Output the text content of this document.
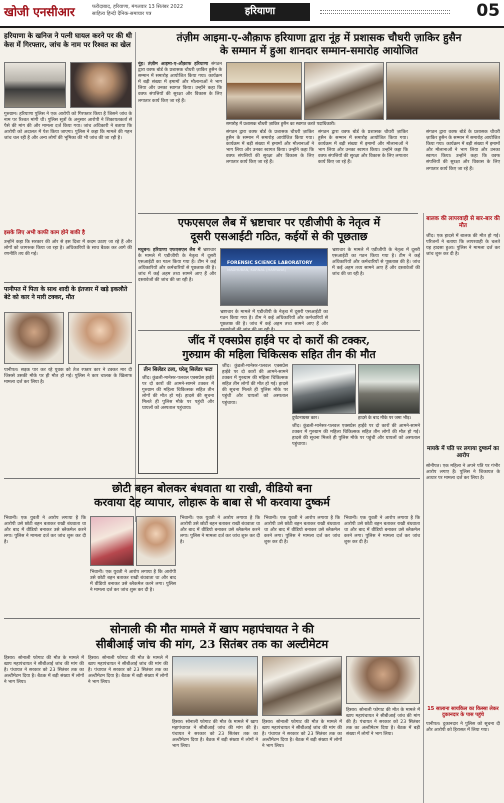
खोजी एनसीआर	फरीदाबाद, हरियाणा, मंगलवार 13 सितंबर 2022
साहित्य हिन्दी दैनिक-समाचार पत्र	हरियाणा	05
हरियाणा के खनिज ने पत्नी घायल करने पर की थी केस में गिरफ्तार, जांच के नाम पर रिश्वत का खेल
गुरुग्राम। हरियाणा पुलिस ने एक आरोपी को गिरफ्तार किया है जिसने जांच के नाम पर रिश्वत मांगी थी। पुलिस सूत्रों के अनुसार आरोपी ने शिकायतकर्ता से पैसे की मांग की और मामला दर्ज किया गया। जांच अधिकारी ने बताया कि आरोपी को अदालत में पेश किया जाएगा। पुलिस ने कहा कि मामले की गहन जांच चल रही है और अन्य लोगों की भूमिका की भी जांच की जा रही है।
इसके लिए अभी काफी काम होने बाकी है
उन्होंने कहा कि सरकार की ओर से इस दिशा में कदम उठाए जा रहे हैं और लोगों को जागरूक किया जा रहा है। अधिकारियों के साथ बैठक कर आगे की रणनीति तय की गई।
तंज़ीम आइमा-ए-औक़ाफ हरियाणा द्वारा नूंह में प्रशासक चौधरी ज़ाकिर हुसैन
के सम्मान में हुआ शानदार सम्मान-समारोह आयोजित
नूंह। तंज़ीम आइमा-ए-औक़ाफ हरियाणा संगठन द्वारा वक्फ बोर्ड के प्रशासक चौधरी ज़ाकिर हुसैन के सम्मान में समारोह आयोजित किया गया। कार्यक्रम में बड़ी संख्या में इमामों और मौलानाओं ने भाग लिया और उनका स्वागत किया। उन्होंने कहा कि वक्फ संपत्तियों की सुरक्षा और विकास के लिए लगातार कार्य किए जा रहे हैं।
समारोह में प्रशासक चौधरी ज़ाकिर हुसैन का स्वागत करते पदाधिकारी।
संगठन द्वारा वक्फ बोर्ड के प्रशासक चौधरी ज़ाकिर हुसैन के सम्मान में समारोह आयोजित किया गया। कार्यक्रम में बड़ी संख्या में इमामों और मौलानाओं ने भाग लिया और उनका स्वागत किया। उन्होंने कहा कि वक्फ संपत्तियों की सुरक्षा और विकास के लिए लगातार कार्य किए जा रहे हैं।
संगठन द्वारा वक्फ बोर्ड के प्रशासक चौधरी ज़ाकिर हुसैन के सम्मान में समारोह आयोजित किया गया। कार्यक्रम में बड़ी संख्या में इमामों और मौलानाओं ने भाग लिया और उनका स्वागत किया। उन्होंने कहा कि वक्फ संपत्तियों की सुरक्षा और विकास के लिए लगातार कार्य किए जा रहे हैं।
एफएसएल लैब में भ्रष्टाचार पर एडीजीपी के नेतृत्व में
दूसरी एसआईटी गठित, कईयों से की पूछताछ
मधुबन। हरियाणा एफएसएल लैब में भ्रष्टाचार के मामले में एडीजीपी के नेतृत्व में दूसरी एसआईटी का गठन किया गया है। टीम ने कई अधिकारियों और कर्मचारियों से पूछताछ की है। जांच में कई अहम तथ्य सामने आए हैं और दस्तावेजों की जांच की जा रही है।
FORENSIC SCIENCE LABORATORY
MADHUBAN, KARNAL (HARYANA)
भ्रष्टाचार के मामले में एडीजीपी के नेतृत्व में दूसरी एसआईटी का गठन किया गया है। टीम ने कई अधिकारियों और कर्मचारियों से पूछताछ की है। जांच में कई अहम तथ्य सामने आए हैं और दस्तावेजों की जांच की जा रही है।
भ्रष्टाचार के मामले में एडीजीपी के नेतृत्व में दूसरी एसआईटी का गठन किया गया है। टीम ने कई अधिकारियों और कर्मचारियों से पूछताछ की है। जांच में कई अहम तथ्य सामने आए हैं और
संगठन द्वारा वक्फ बोर्ड के प्रशासक चौधरी ज़ाकिर हुसैन के सम्मान में समारोह आयोजित किया गया। कार्यक्रम में बड़ी संख्या में इमामों और मौलानाओं ने भाग लिया और उनका स्वागत किया। उन्होंने कहा कि वक्फ संपत्तियों की सुरक्षा और विकास के लिए लगातार कार्य किए जा रहे हैं।
बालक की लापरवाही से बार-बार की मौत
जींद। एक हादसे में बालक की मौत हो गई। परिजनों ने बताया कि लापरवाही के चलते यह हादसा हुआ। पुलिस ने मामला दर्ज कर जांच शुरू कर दी है।
मायके में पति पर लगाया दुष्कर्म का आरोप
सोनीपत। एक महिला ने अपने पति पर गंभीर आरोप लगाए हैं। पुलिस ने शिकायत के आधार पर मामला दर्ज कर लिया है।
15 सालाना सायकिल का किस्सा लेकर दुकानदार के पास पहुंचे
पानीपत। दुकानदार ने पुलिस को सूचना दी और आरोपी को हिरासत में लिया गया।
जींद में एक्सप्रेस हाईवे पर दो कारों की टक्कर,
गुरुग्राम की महिला चिकित्सक सहित तीन की मौत
तीन सिलेंडर टला, घरेलू सिलेंडर फटा
जींद। कुंडली-मानेसर-पलवल एक्सप्रेस हाईवे पर दो कारों की आमने-सामने टक्कर में गुरुग्राम की महिला चिकित्सक सहित तीन लोगों की मौत हो गई। हादसे की सूचना मिलते ही पुलिस मौके पर पहुंची और घायलों को अस्पताल पहुंचाया।
जींद। कुंडली-मानेसर-पलवल एक्सप्रेस हाईवे पर दो कारों की आमने-सामने टक्कर में गुरुग्राम की महिला चिकित्सक सहित तीन लोगों की मौत हो गई। हादसे की सूचना मिलते ही पुलिस मौके पर पहुंची और घायलों को अस्पताल पहुंचाया।
दुर्घटनाग्रस्त कार।	हादसे के बाद मौके पर जमा भीड़।
जींद। कुंडली-मानेसर-पलवल एक्सप्रेस हाईवे पर दो कारों की आमने-सामने टक्कर में गुरुग्राम की महिला चिकित्सक सहित तीन लोगों की मौत हो गई। हादसे की सूचना मिलते ही पुलिस मौके पर पहुंची और घायलों को अस्पताल पहुंचाया।
पानीपत में पिता के साथ शादी के इंतजार में खड़े इकलौते बेटे को कार ने मारी टक्कर, मौत
पानीपत। सड़क पार कर रहे युवक को तेज रफ्तार कार ने टक्कर मार दी जिससे उसकी मौके पर ही मौत हो गई। पुलिस ने कार चालक के खिलाफ मामला दर्ज कर लिया है।
छोटी बहन बोलकर बंधवाता था राखी, वीडियो बना
करवाया देह व्यापार, लोहारू के बाबा से भी करवाया दुष्कर्म
भिवानी। एक युवती ने आरोप लगाया है कि आरोपी उसे छोटी बहन बताकर राखी बंधवाता था और बाद में वीडियो बनाकर उसे ब्लैकमेल करने लगा। पुलिस ने मामला दर्ज कर जांच शुरू कर दी है।
भिवानी। एक युवती ने आरोप लगाया है कि आरोपी उसे छोटी बहन बताकर राखी बंधवाता था और बाद में वीडियो बनाकर उसे ब्लैकमेल करने लगा। पुलिस ने मामला दर्ज कर जांच शुरू कर दी है।
भिवानी। एक युवती ने आरोप लगाया है कि आरोपी उसे छोटी बहन बताकर राखी बंधवाता था और बाद में वीडियो बनाकर उसे ब्लैकमेल करने लगा। पुलिस ने मामला दर्ज कर जांच शुरू कर दी है।
भिवानी। एक युवती ने आरोप लगाया है कि आरोपी उसे छोटी बहन बताकर राखी बंधवाता था और बाद में वीडियो बनाकर उसे ब्लैकमेल करने लगा। पुलिस ने मामला दर्ज कर जांच शुरू कर दी है।
भिवानी। एक युवती ने आरोप लगाया है कि आरोपी उसे छोटी बहन बताकर राखी बंधवाता था और बाद में वीडियो बनाकर उसे ब्लैकमेल करने लगा। पुलिस ने मामला दर्ज कर जांच शुरू कर दी है।
सोनाली की मौत मामले में खाप महापंचायत ने की
सीबीआई जांच की मांग, 23 सितंबर तक का अल्टीमेटम
हिसार। सोनाली फोगाट की मौत के मामले में खाप महापंचायत ने सीबीआई जांच की मांग की है। पंचायत ने सरकार को 23 सितंबर तक का अल्टीमेटम दिया है। बैठक में बड़ी संख्या में लोगों ने भाग लिया।
हिसार। सोनाली फोगाट की मौत के मामले में खाप महापंचायत ने सीबीआई जांच की मांग की है। पंचायत ने सरकार को 23 सितंबर तक का अल्टीमेटम दिया है। बैठक में बड़ी संख्या में लोगों ने भाग लिया।
हिसार। सोनाली फोगाट की मौत के मामले में खाप महापंचायत ने सीबीआई जांच की मांग की है। पंचायत ने सरकार को 23 सितंबर तक का अल्टीमेटम दिया है। बैठक में बड़ी संख्या में लोगों ने भाग लिया।
हिसार। सोनाली फोगाट की मौत के मामले में खाप महापंचायत ने सीबीआई जांच की मांग की है। पंचायत ने सरकार को 23 सितंबर तक का अल्टीमेटम दिया है। बैठक में बड़ी संख्या में लोगों ने भाग लिया।
हिसार। सोनाली फोगाट की मौत के मामले में खाप महापंचायत ने सीबीआई जांच की मांग की है। पंचायत ने सरकार को 23 सितंबर तक का अल्टीमेटम दिया है। बैठक में बड़ी संख्या में लोगों ने भाग लिया।
